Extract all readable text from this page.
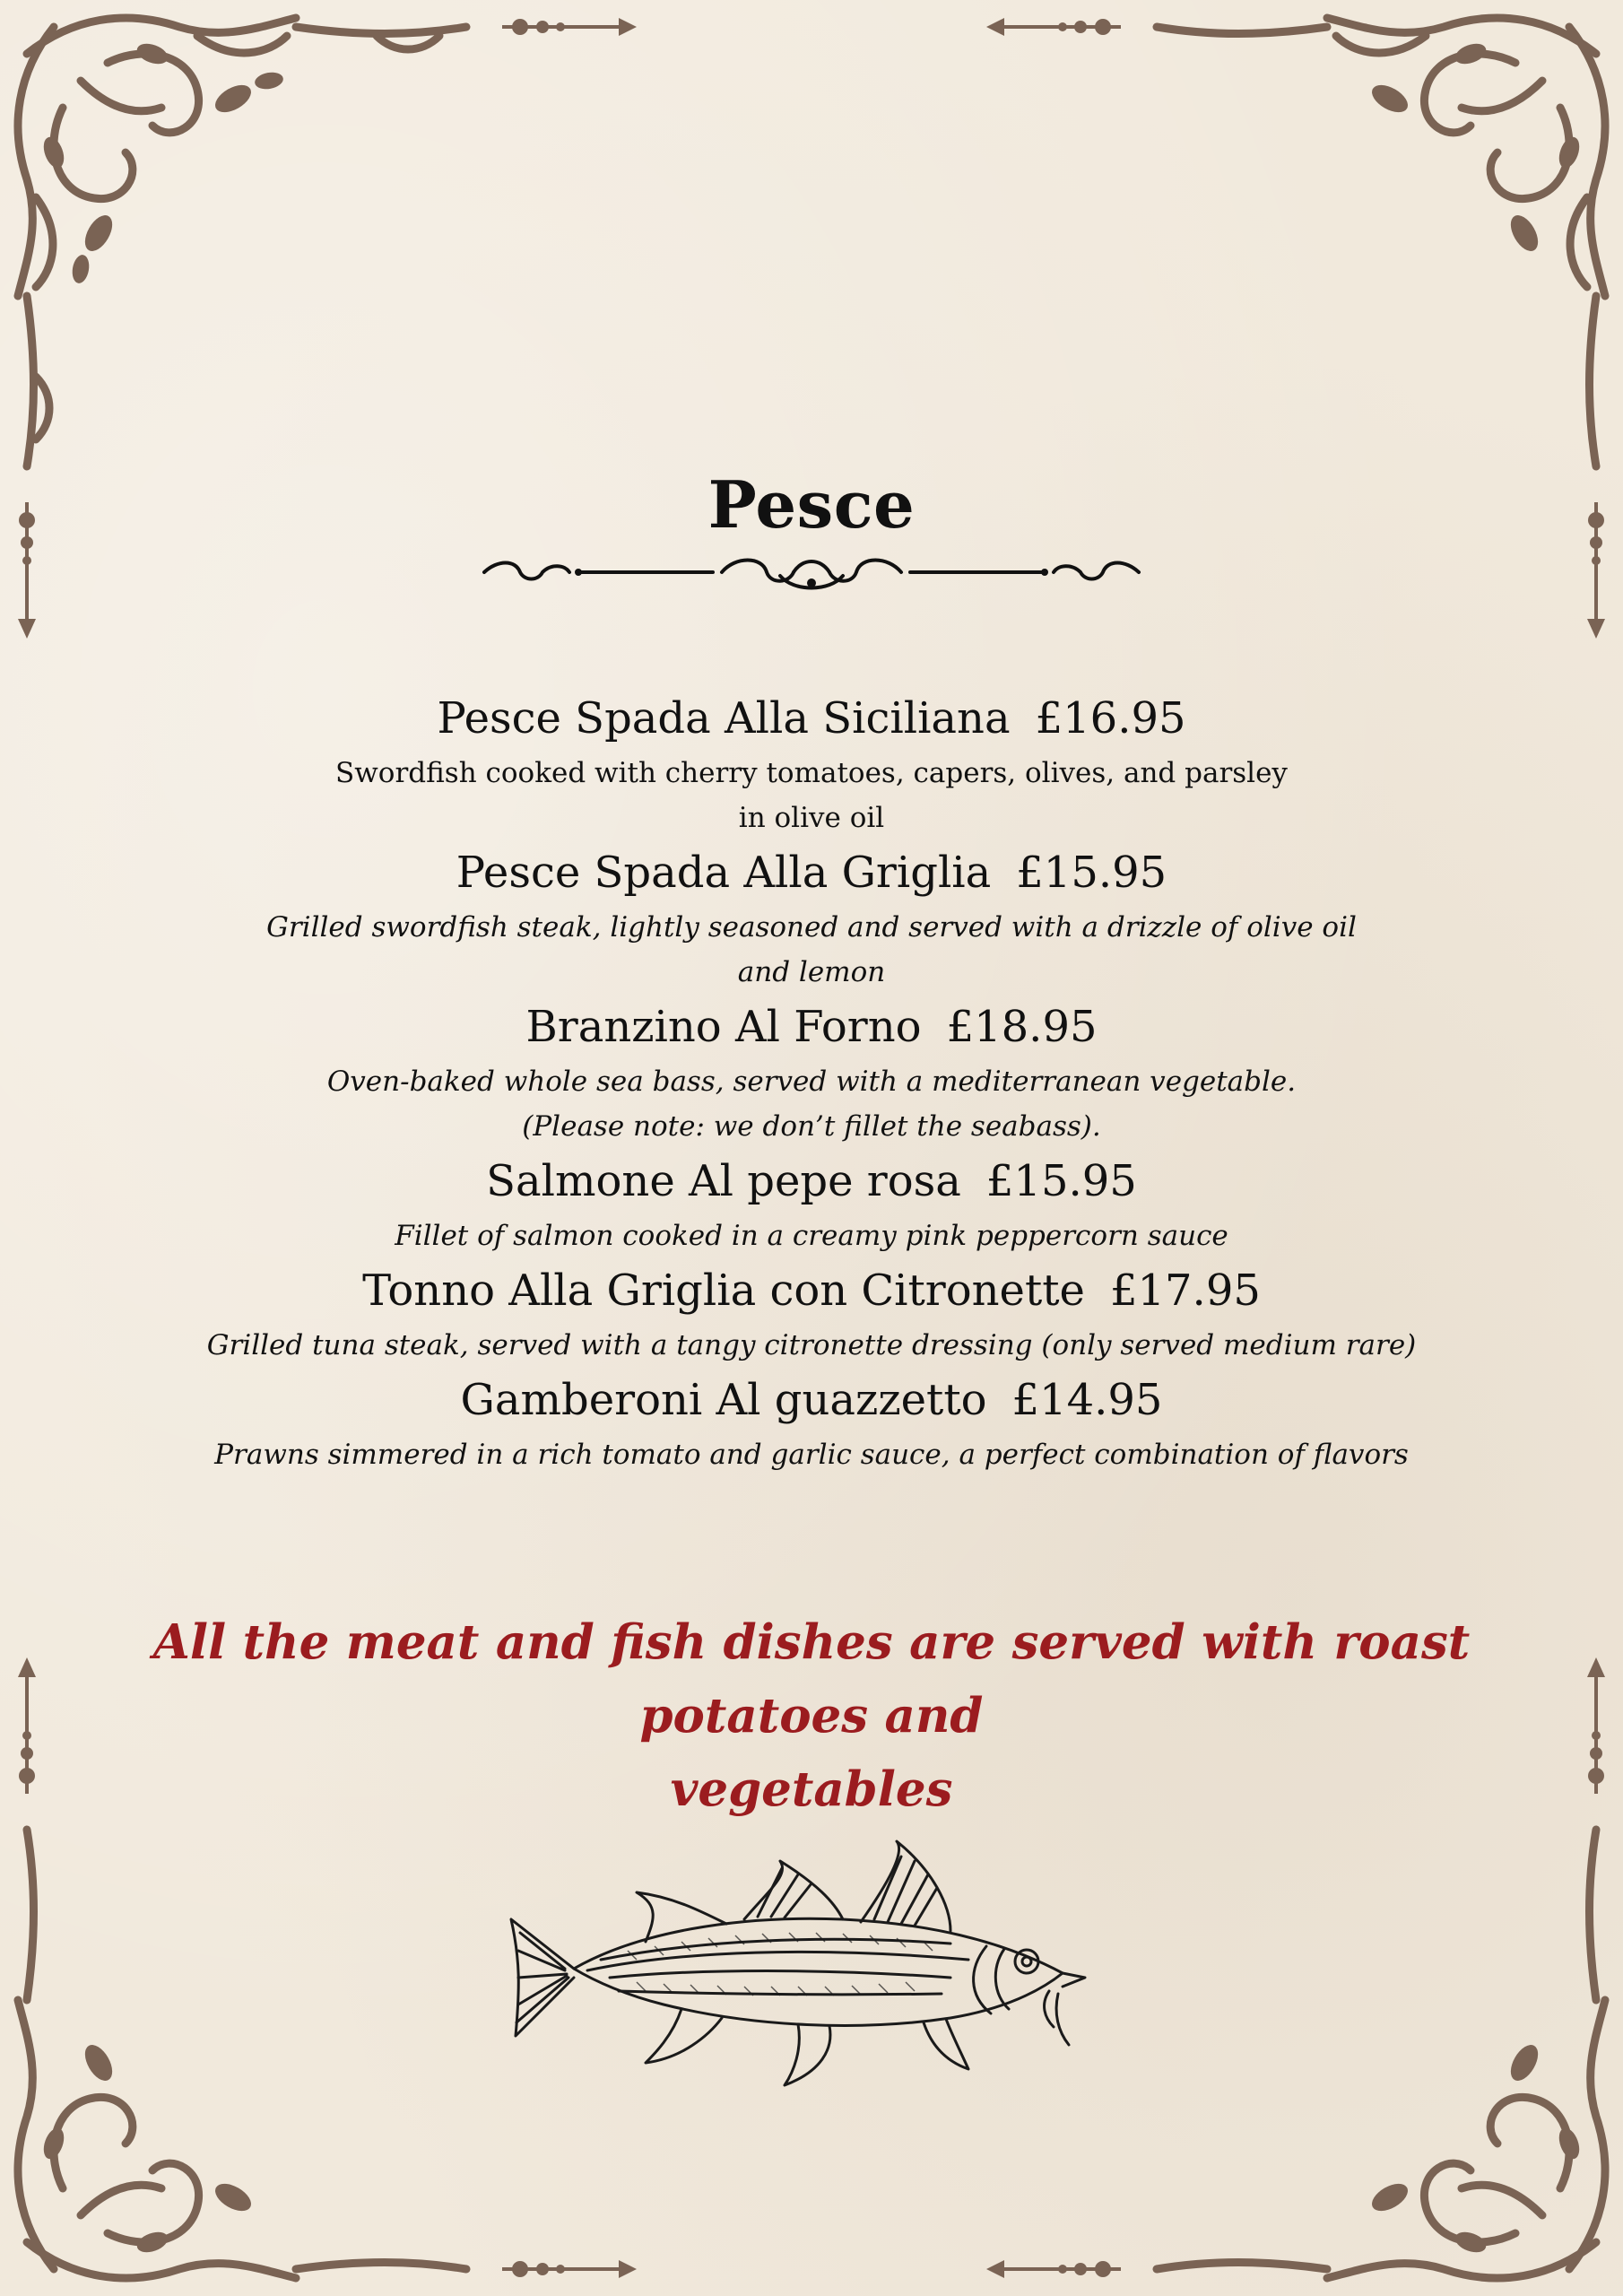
Pesce
Pesce Spada Alla Siciliana £16.95
Swordfish cooked with cherry tomatoes, capers, olives, and parsley
in olive oil
Pesce Spada Alla Griglia £15.95
Grilled swordfish steak, lightly seasoned and served with a drizzle of olive oil
and lemon
Branzino Al Forno £18.95
Oven-baked whole sea bass, served with a mediterranean vegetable.
(Please note: we don’t fillet the seabass).
Salmone Al pepe rosa £15.95
Fillet of salmon cooked in a creamy pink peppercorn sauce
Tonno Alla Griglia con Citronette £17.95
Grilled tuna steak, served with a tangy citronette dressing (only served medium rare)
Gamberoni Al guazzetto £14.95
Prawns simmered in a rich tomato and garlic sauce, a perfect combination of flavors
All the meat and fish dishes are served with roast potatoes and
vegetables
